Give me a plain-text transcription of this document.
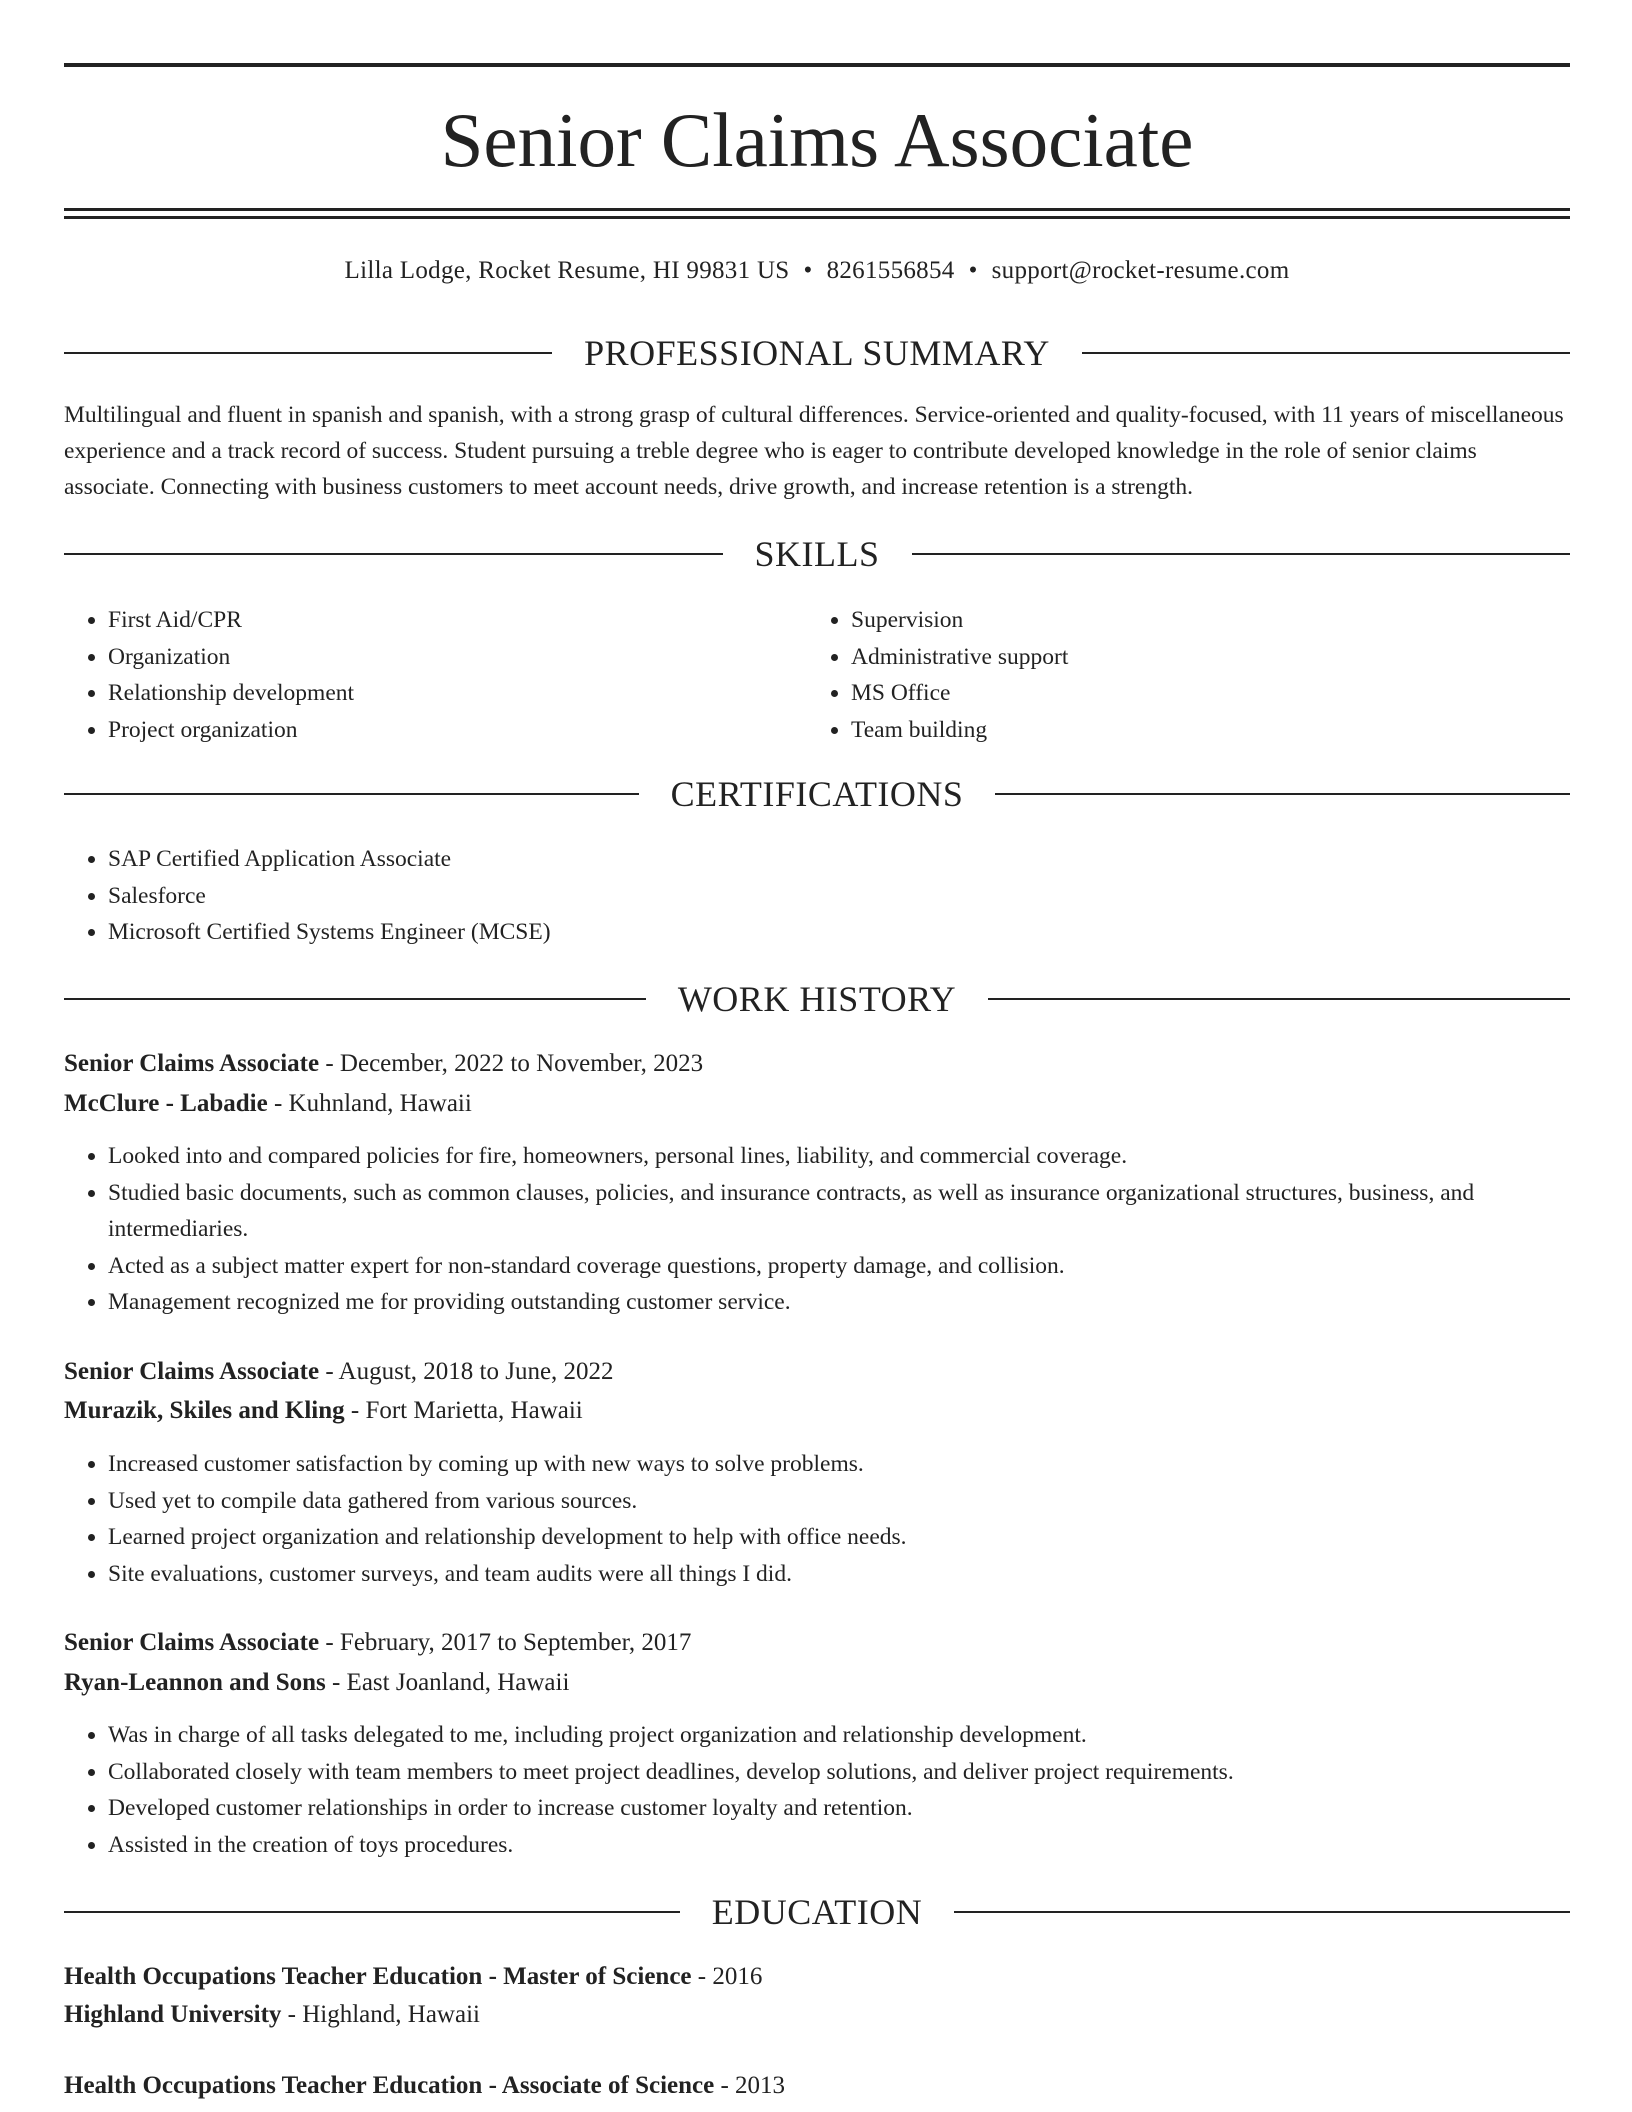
Senior Claims Associate
Lilla Lodge, Rocket Resume, HI 99831 US • 8261556854 • support@rocket-resume.com
PROFESSIONAL SUMMARY

Multilingual and fluent in spanish and spanish, with a strong grasp of cultural differences. Service-oriented and quality-focused, with 11 years of miscellaneous experience and a track record of success. Student pursuing a treble degree who is eager to contribute developed knowledge in the role of senior claims associate. Connecting with business customers to meet account needs, drive growth, and increase retention is a strength.

SKILLS
• First Aid/CPR
• Organization
• Relationship development
• Project organization
• Supervision
• Administrative support
• MS Office
• Team building
CERTIFICATIONS
• SAP Certified Application Associate
• Salesforce
• Microsoft Certified Systems Engineer (MCSE)
WORK HISTORY
Senior Claims Associate - December, 2022 to November, 2023
McClure - Labadie - Kuhnland, Hawaii
• Looked into and compared policies for fire, homeowners, personal lines, liability, and commercial coverage.
• Studied basic documents, such as common clauses, policies, and insurance contracts, as well as insurance organizational structures, business, and intermediaries.
• Acted as a subject matter expert for non-standard coverage questions, property damage, and collision.
• Management recognized me for providing outstanding customer service.
Senior Claims Associate - August, 2018 to June, 2022
Murazik, Skiles and Kling - Fort Marietta, Hawaii
• Increased customer satisfaction by coming up with new ways to solve problems.
• Used yet to compile data gathered from various sources.
• Learned project organization and relationship development to help with office needs.
• Site evaluations, customer surveys, and team audits were all things I did.
Senior Claims Associate - February, 2017 to September, 2017
Ryan-Leannon and Sons - East Joanland, Hawaii
• Was in charge of all tasks delegated to me, including project organization and relationship development.
• Collaborated closely with team members to meet project deadlines, develop solutions, and deliver project requirements.
• Developed customer relationships in order to increase customer loyalty and retention.
• Assisted in the creation of toys procedures.
EDUCATION
Health Occupations Teacher Education - Master of Science - 2016
Highland University - Highland, Hawaii
Health Occupations Teacher Education - Associate of Science - 2013
